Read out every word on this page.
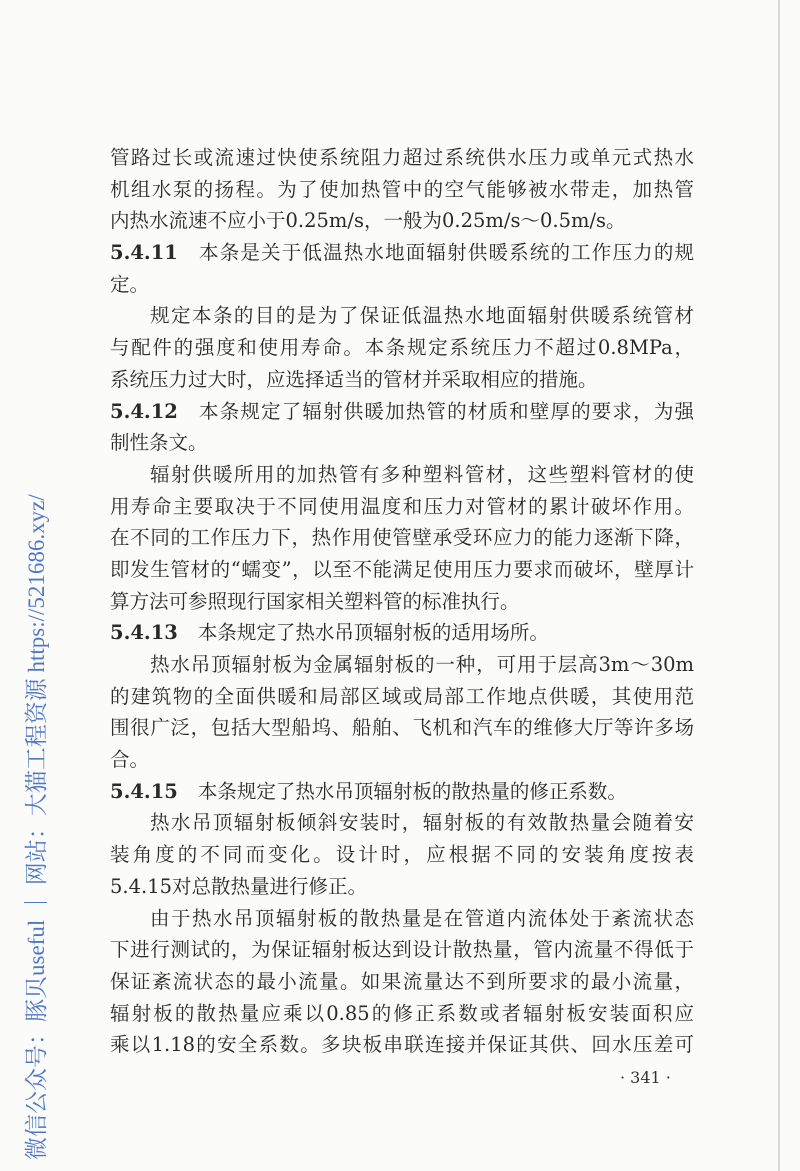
微信公众号：豚贝useful ｜ 网站：大猫工程资源 https://521686.xyz/
管路过长或流速过快使系统阻力超过系统供水压力或单元式热水
机组水泵的扬程。为了使加热管中的空气能够被水带走，加热管
内热水流速不应小于0.25m/s，一般为0.25m/s～0.5m/s。
5.4.11 本条是关于低温热水地面辐射供暖系统的工作压力的规
定。
规定本条的目的是为了保证低温热水地面辐射供暖系统管材
与配件的强度和使用寿命。本条规定系统压力不超过0.8MPa，
系统压力过大时，应选择适当的管材并采取相应的措施。
5.4.12 本条规定了辐射供暖加热管的材质和壁厚的要求，为强
制性条文。
辐射供暖所用的加热管有多种塑料管材，这些塑料管材的使
用寿命主要取决于不同使用温度和压力对管材的累计破坏作用。
在不同的工作压力下，热作用使管壁承受环应力的能力逐渐下降，
即发生管材的“蠕变”，以至不能满足使用压力要求而破坏，壁厚计
算方法可参照现行国家相关塑料管的标准执行。
5.4.13 本条规定了热水吊顶辐射板的适用场所。
热水吊顶辐射板为金属辐射板的一种，可用于层高3m～30m
的建筑物的全面供暖和局部区域或局部工作地点供暖，其使用范
围很广泛，包括大型船坞、船舶、飞机和汽车的维修大厅等许多场
合。
5.4.15 本条规定了热水吊顶辐射板的散热量的修正系数。
热水吊顶辐射板倾斜安装时，辐射板的有效散热量会随着安
装角度的不同而变化。设计时，应根据不同的安装角度按表
5.4.15对总散热量进行修正。
由于热水吊顶辐射板的散热量是在管道内流体处于紊流状态
下进行测试的，为保证辐射板达到设计散热量，管内流量不得低于
保证紊流状态的最小流量。如果流量达不到所要求的最小流量，
辐射板的散热量应乘以0.85的修正系数或者辐射板安装面积应
乘以1.18的安全系数。多块板串联连接并保证其供、回水压差可
· 341 ·
